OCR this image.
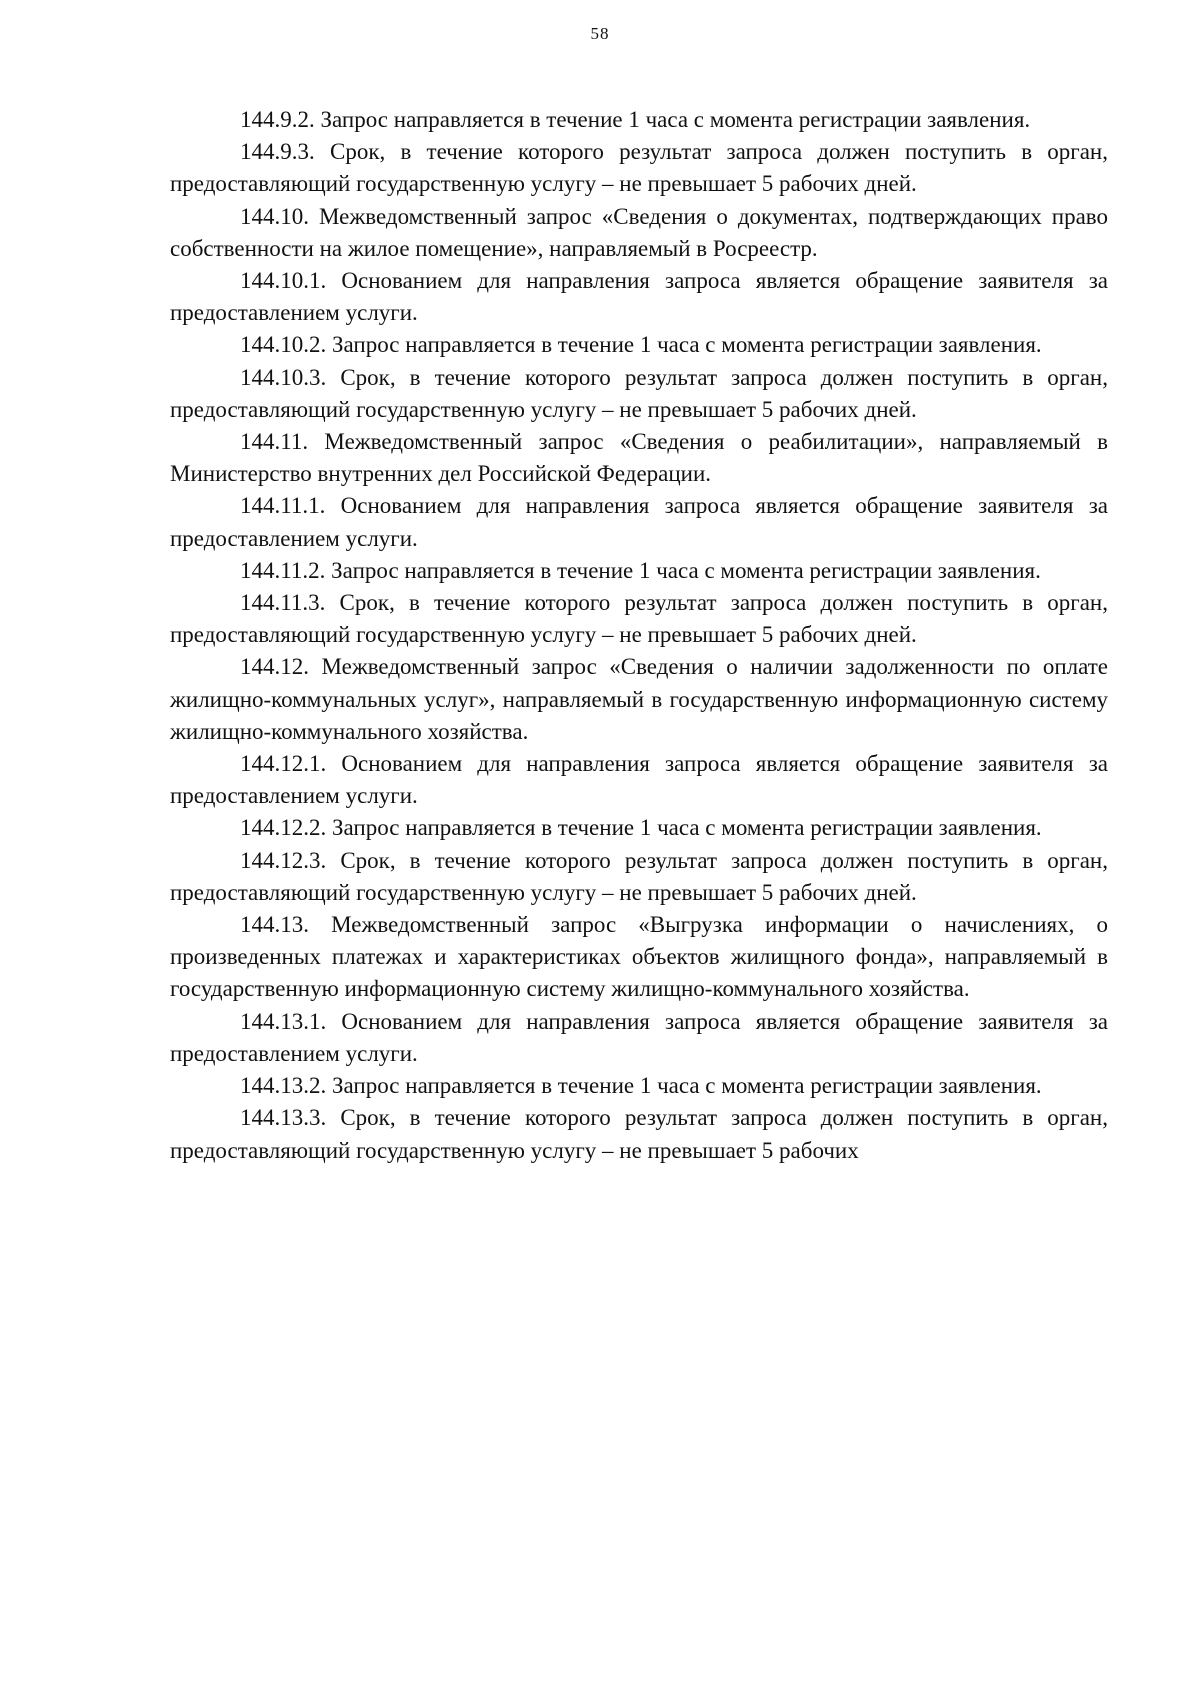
58

144.9.2. Запрос направляется в течение 1 часа с момента регистрации заявления.

144.9.3. Срок, в течение которого результат запроса должен поступить в орган, предоставляющий государственную услугу – не превышает 5 рабочих дней.

144.10. Межведомственный запрос «Сведения о документах, подтверждающих право собственности на жилое помещение», направляемый в Росреестр.

144.10.1. Основанием для направления запроса является обращение заявителя за предоставлением услуги.

144.10.2. Запрос направляется в течение 1 часа с момента регистрации заявления.

144.10.3. Срок, в течение которого результат запроса должен поступить в орган, предоставляющий государственную услугу – не превышает 5 рабочих дней.

144.11. Межведомственный запрос «Сведения о реабилитации», направляемый в Министерство внутренних дел Российской Федерации.

144.11.1. Основанием для направления запроса является обращение заявителя за предоставлением услуги.

144.11.2. Запрос направляется в течение 1 часа с момента регистрации заявления.

144.11.3. Срок, в течение которого результат запроса должен поступить в орган, предоставляющий государственную услугу – не превышает 5 рабочих дней.

144.12. Межведомственный запрос «Сведения о наличии задолженности по оплате жилищно-коммунальных услуг», направляемый в государственную информационную систему жилищно-коммунального хозяйства.

144.12.1. Основанием для направления запроса является обращение заявителя за предоставлением услуги.

144.12.2. Запрос направляется в течение 1 часа с момента регистрации заявления.

144.12.3. Срок, в течение которого результат запроса должен поступить в орган, предоставляющий государственную услугу – не превышает 5 рабочих дней.

144.13. Межведомственный запрос «Выгрузка информации о начислениях, о произведенных платежах и характеристиках объектов жилищного фонда», направляемый в государственную информационную систему жилищно-коммунального хозяйства.

144.13.1. Основанием для направления запроса является обращение заявителя за предоставлением услуги.

144.13.2. Запрос направляется в течение 1 часа с момента регистрации заявления.

144.13.3. Срок, в течение которого результат запроса должен поступить в орган, предоставляющий государственную услугу – не превышает 5 рабочих
